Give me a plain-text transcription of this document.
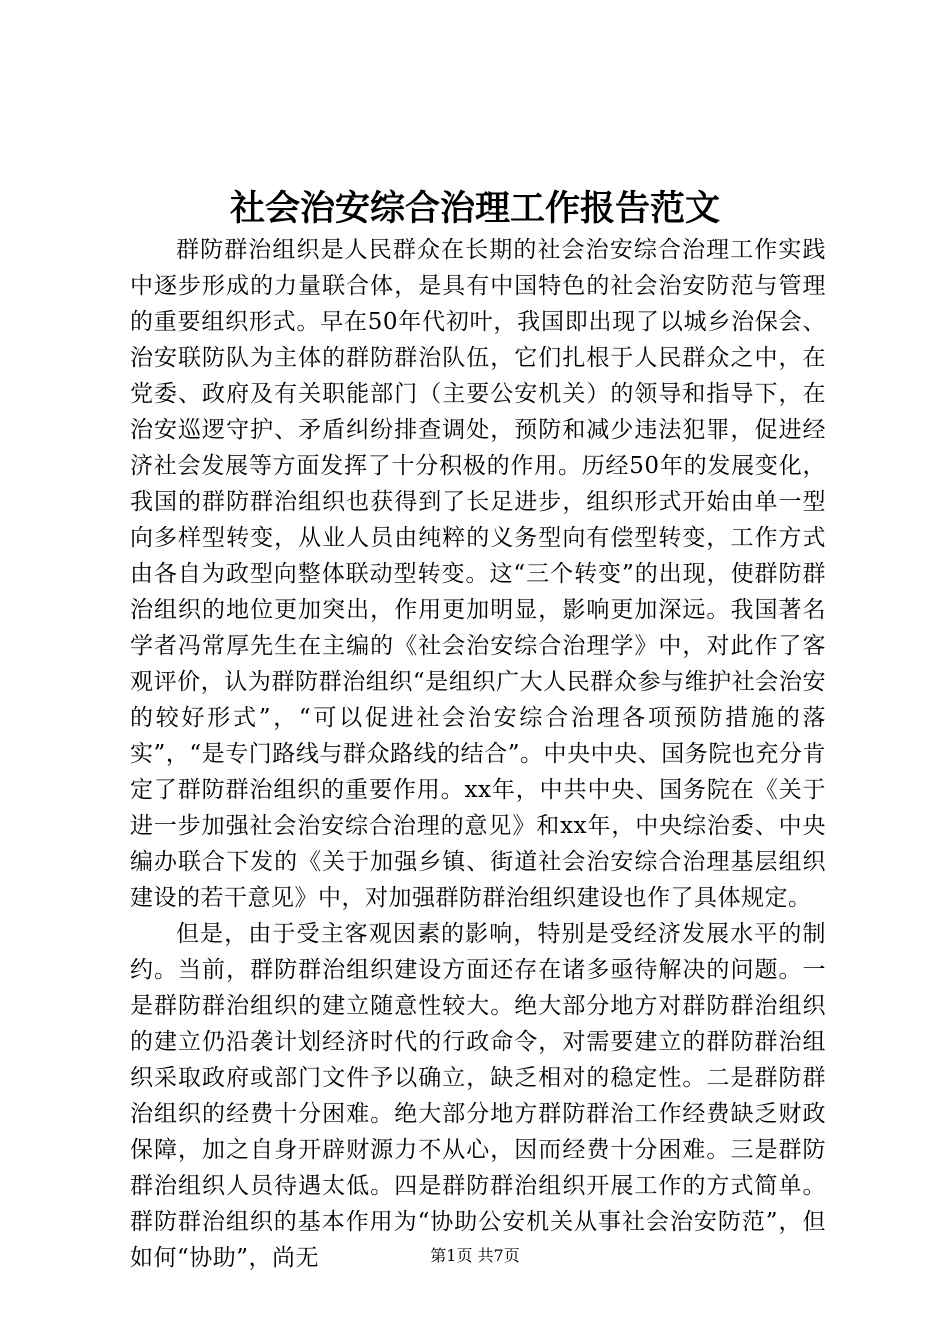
社会治安综合治理工作报告范文

群防群治组织是人民群众在长期的社会治安综合治理工作实践中逐步形成的力量联合体，是具有中国特色的社会治安防范与管理的重要组织形式。早在50年代初叶，我国即出现了以城乡治保会、治安联防队为主体的群防群治队伍，它们扎根于人民群众之中，在党委、政府及有关职能部门（主要公安机关）的领导和指导下，在治安巡逻守护、矛盾纠纷排查调处，预防和减少违法犯罪，促进经济社会发展等方面发挥了十分积极的作用。历经50年的发展变化，我国的群防群治组织也获得到了长足进步，组织形式开始由单一型向多样型转变，从业人员由纯粹的义务型向有偿型转变，工作方式由各自为政型向整体联动型转变。这“三个转变”的出现，使群防群治组织的地位更加突出，作用更加明显，影响更加深远。我国著名学者冯常厚先生在主编的《社会治安综合治理学》中，对此作了客观评价，认为群防群治组织“是组织广大人民群众参与维护社会治安的较好形式”，“可以促进社会治安综合治理各项预防措施的落实”，“是专门路线与群众路线的结合”。中央中央、国务院也充分肯定了群防群治组织的重要作用。xx年，中共中央、国务院在《关于进一步加强社会治安综合治理的意见》和xx年，中央综治委、中央编办联合下发的《关于加强乡镇、街道社会治安综合治理基层组织建设的若干意见》中，对加强群防群治组织建设也作了具体规定。

但是，由于受主客观因素的影响，特别是受经济发展水平的制约。当前，群防群治组织建设方面还存在诸多亟待解决的问题。一是群防群治组织的建立随意性较大。绝大部分地方对群防群治组织的建立仍沿袭计划经济时代的行政命令，对需要建立的群防群治组织采取政府或部门文件予以确立，缺乏相对的稳定性。二是群防群治组织的经费十分困难。绝大部分地方群防群治工作经费缺乏财政保障，加之自身开辟财源力不从心，因而经费十分困难。三是群防群治组织人员待遇太低。四是群防群治组织开展工作的方式简单。群防群治组织的基本作用为“协助公安机关从事社会治安防范”，但如何“协助”，尚无	第1页 共7页
